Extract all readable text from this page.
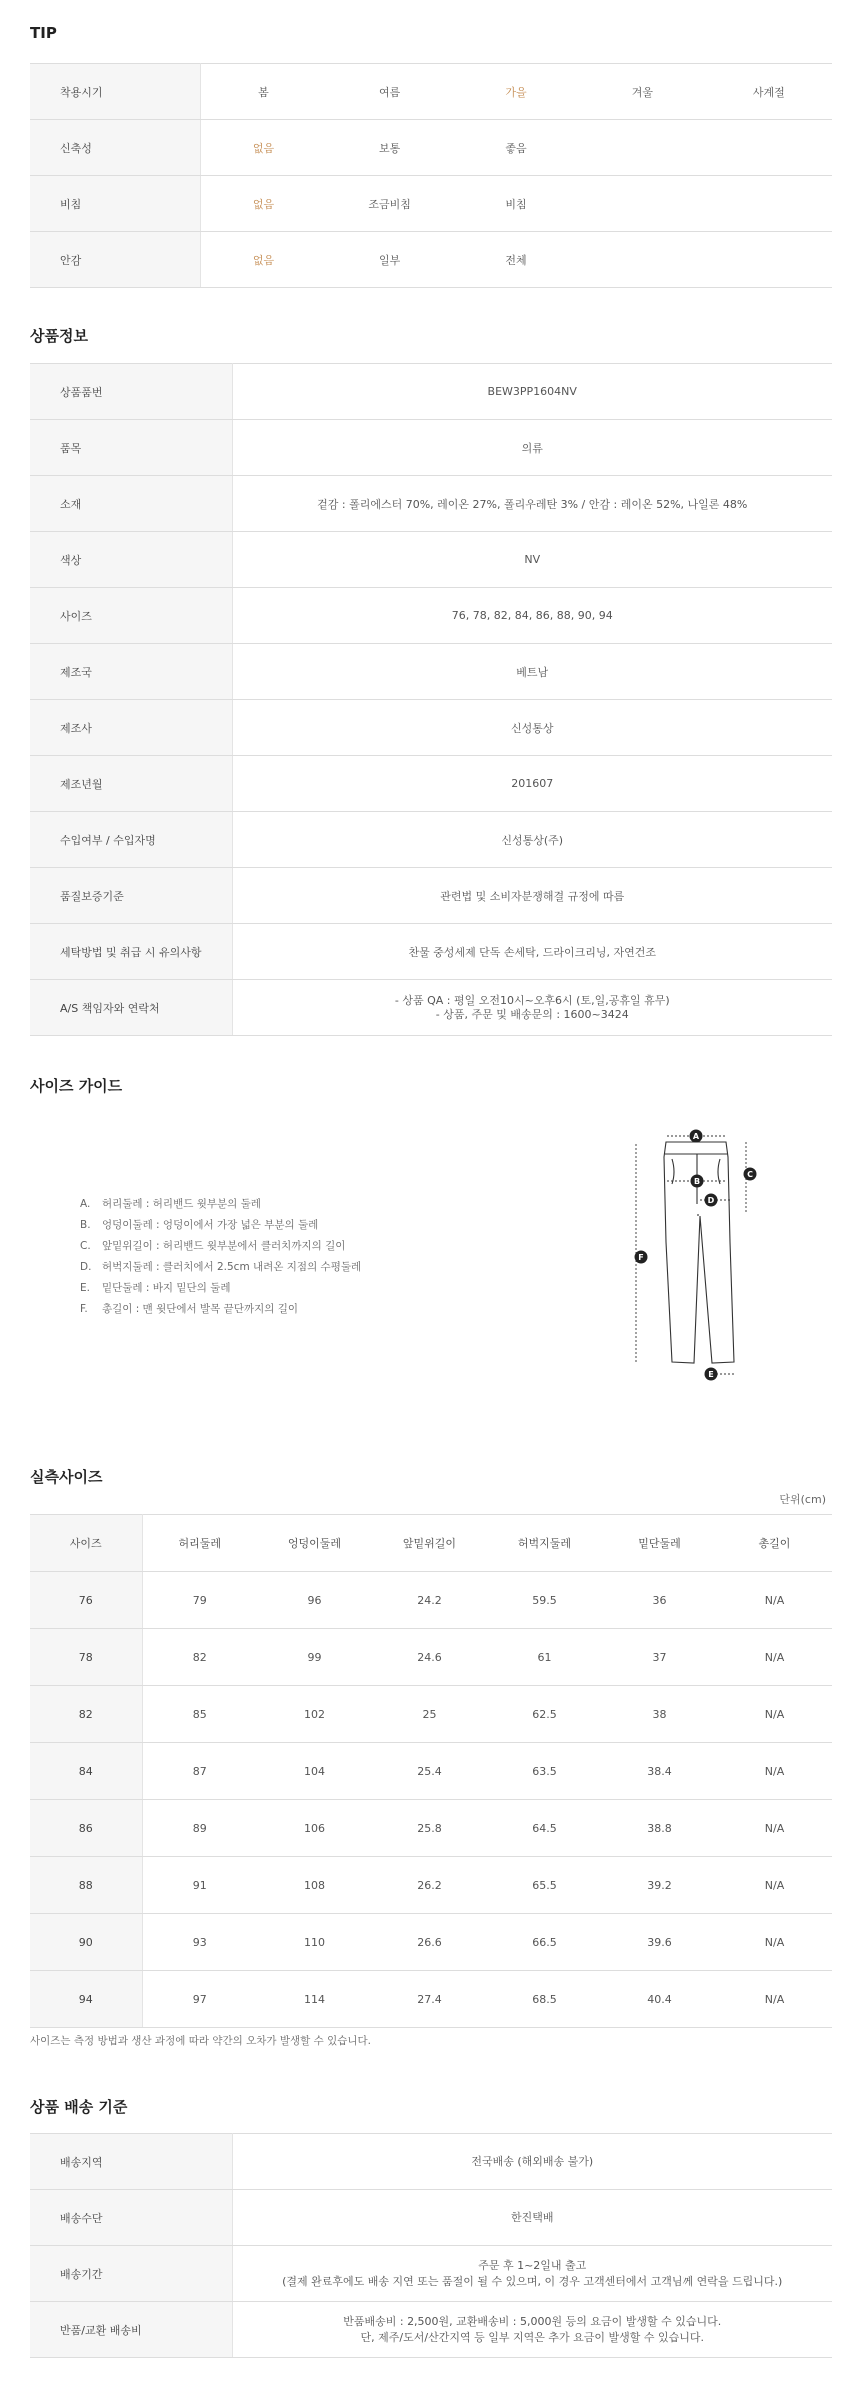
TIP
착용시기	봄	여름	가을	겨울	사계절
신축성	없음	보통	좋음		
비침	없음	조금비침	비침		
안감	없음	일부	전체		
상품정보
상품품번	BEW3PP1604NV
품목	의류
소재	겉감 : 폴리에스터 70%, 레이온 27%, 폴리우레탄 3% / 안감 : 레이온 52%, 나일론 48%
색상	NV
사이즈	76, 78, 82, 84, 86, 88, 90, 94
제조국	베트남
제조사	신성통상
제조년월	201607
수입여부 / 수입자명	신성통상(주)
품질보증기준	관련법 및 소비자분쟁해결 규정에 따름
세탁방법 및 취급 시 유의사항	찬물 중성세제 단독 손세탁, 드라이크리닝, 자연건조
A/S 책임자와 연락처	- 상품 QA : 평일 오전10시~오후6시 (토,일,공휴일 휴무)
- 상품, 주문 및 배송문의 : 1600~3424
사이즈 가이드
A. 허리둘레 : 허리밴드 윗부분의 둘레
B. 엉덩이둘레 : 엉덩이에서 가장 넓은 부분의 둘레
C. 앞밑위길이 : 허리밴드 윗부분에서 클러치까지의 길이
D. 허벅지둘레 : 클러치에서 2.5cm 내려온 지점의 수평둘레
E. 밑단둘레 : 바지 밑단의 둘레
F. 총길이 : 맨 윗단에서 발목 끝단까지의 길이
A
B
C
D
E
F
실측사이즈
단위(cm)
사이즈	허리둘레	엉덩이둘레	앞밑위길이	허벅지둘레	밑단둘레	총길이
76	79	96	24.2	59.5	36	N/A
78	82	99	24.6	61	37	N/A
82	85	102	25	62.5	38	N/A
84	87	104	25.4	63.5	38.4	N/A
86	89	106	25.8	64.5	38.8	N/A
88	91	108	26.2	65.5	39.2	N/A
90	93	110	26.6	66.5	39.6	N/A
94	97	114	27.4	68.5	40.4	N/A
사이즈는 측정 방법과 생산 과정에 따라 약간의 오차가 발생할 수 있습니다.
상품 배송 기준
배송지역	전국배송 (해외배송 불가)

배송수단	한진택배

배송기간	주문 후 1~2일내 출고
(결제 완료후에도 배송 지연 또는 품절이 될 수 있으며, 이 경우 고객센터에서 고객님께 연락을 드립니다.)

반품/교환 배송비	반품배송비 : 2,500원, 교환배송비 : 5,000원 등의 요금이 발생할 수 있습니다.
단, 제주/도서/산간지역 등 일부 지역은 추가 요금이 발생할 수 있습니다.
